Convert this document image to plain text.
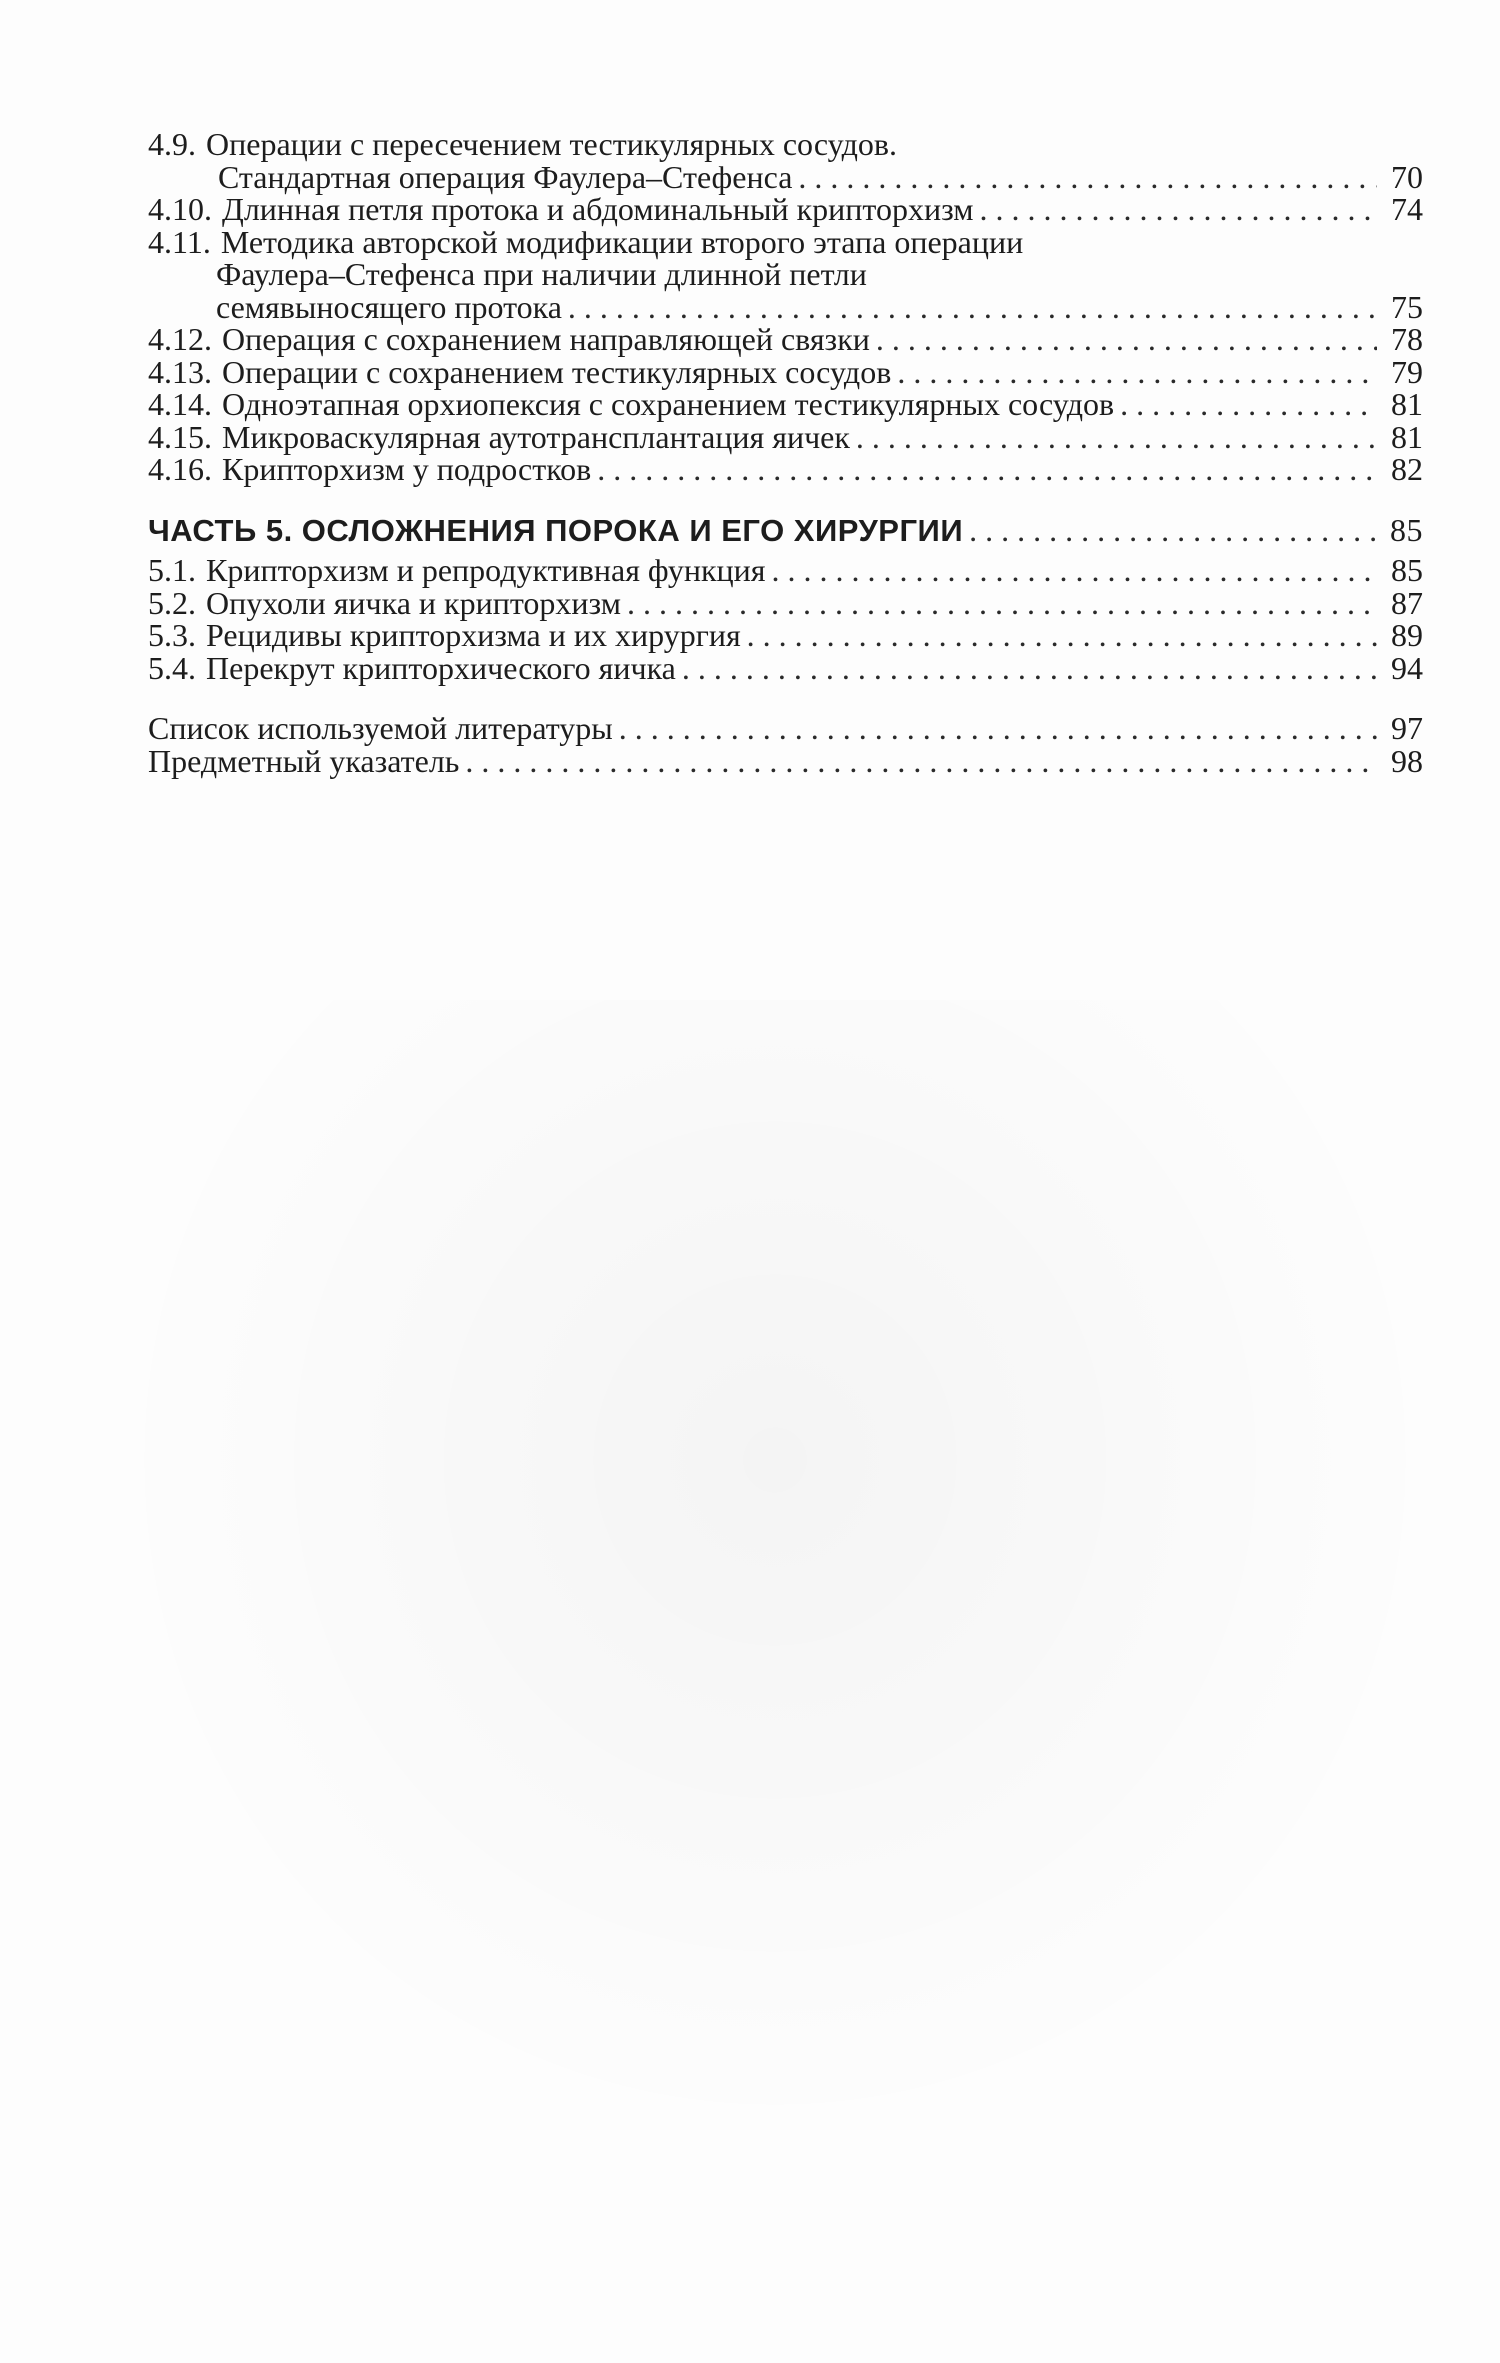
4.9. Операции с пересечением тестикулярных сосудов.
Стандартная операция Фаулера–Стефенса . . .	70
4.10. Длинная петля протока и абдоминальный крипторхизм . . .	74
4.11. Методика авторской модификации второго этапа операции
Фаулера–Стефенса при наличии длинной петли
семявыносящего протока . . .	75
4.12. Операция с сохранением направляющей связки . . .	78
4.13. Операции с сохранением тестикулярных сосудов . . .	79
4.14. Одноэтапная орхиопексия с сохранением тестикулярных сосудов . . .	81
4.15. Микроваскулярная аутотрансплантация яичек . . .	81
4.16. Крипторхизм у подростков . . .	82
ЧАСТЬ 5. ОСЛОЖНЕНИЯ ПОРОКА И ЕГО ХИРУРГИИ . . .	85
5.1. Крипторхизм и репродуктивная функция . . .	85
5.2. Опухоли яичка и крипторхизм . . .	87
5.3. Рецидивы крипторхизма и их хирургия . . .	89
5.4. Перекрут крипторхического яичка . . .	94
Список используемой литературы . . .	97
Предметный указатель . . .	98
